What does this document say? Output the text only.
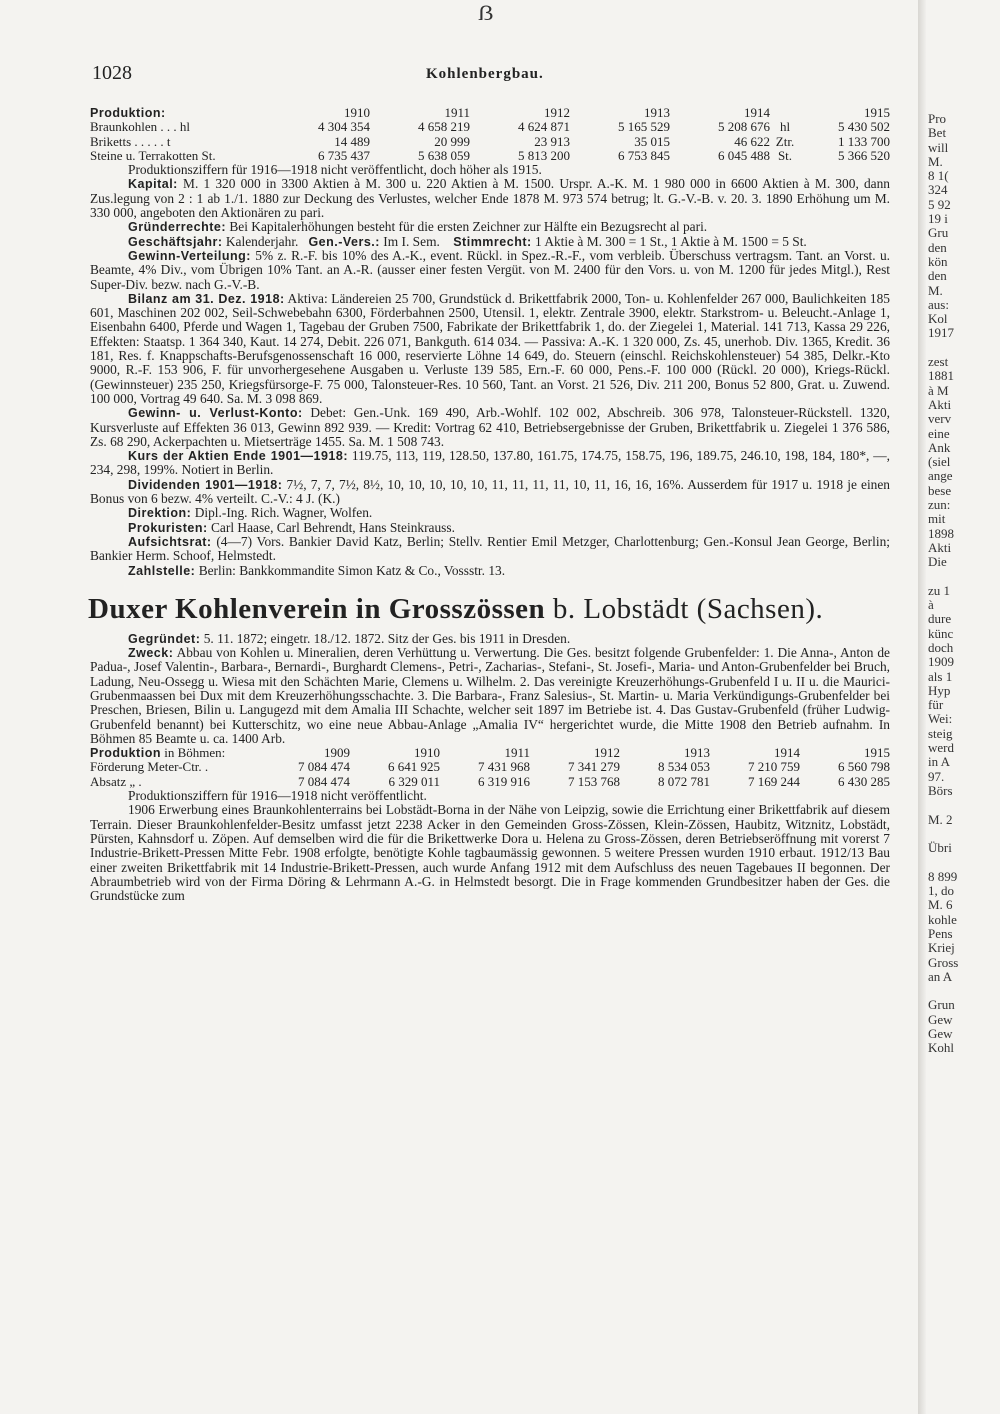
ẞ
1028	Kohlenbergbau.
Produktion:	1910	1911	1912	1913	1914		1915
Braunkohlen . . . hl	4 304 354	4 658 219	4 624 871	5 165 529	5 208 676	hl	5 430 502
Briketts . . . . . t	14 489	20 999	23 913	35 015	46 622	Ztr.	1 133 700
Steine u. Terrakotten St.	6 735 437	5 638 059	5 813 200	6 753 845	6 045 488	St.	5 366 520

Produktionsziffern für 1916—1918 nicht veröffentlicht, doch höher als 1915.

Kapital: M. 1 320 000 in 3300 Aktien à M. 300 u. 220 Aktien à M. 1500. Urspr. A.-K. M. 1 980 000 in 6600 Aktien à M. 300, dann Zus.legung von 2 : 1 ab 1./1. 1880 zur Deckung des Verlustes, welcher Ende 1878 M. 973 574 betrug; lt. G.-V.-B. v. 20. 3. 1890 Erhöhung um M. 330 000, angeboten den Aktionären zu pari.

Gründerrechte: Bei Kapitalerhöhungen besteht für die ersten Zeichner zur Hälfte ein Bezugsrecht al pari.

Geschäftsjahr: Kalenderjahr. Gen.-Vers.: Im I. Sem. Stimmrecht: 1 Aktie à M. 300 = 1 St., 1 Aktie à M. 1500 = 5 St.

Gewinn-Verteilung: 5% z. R.-F. bis 10% des A.-K., event. Rückl. in Spez.-R.-F., vom verbleib. Überschuss vertragsm. Tant. an Vorst. u. Beamte, 4% Div., vom Übrigen 10% Tant. an A.-R. (ausser einer festen Vergüt. von M. 2400 für den Vors. u. von M. 1200 für jedes Mitgl.), Rest Super-Div. bezw. nach G.-V.-B.

Bilanz am 31. Dez. 1918: Aktiva: Ländereien 25 700, Grundstück d. Brikettfabrik 2000, Ton- u. Kohlenfelder 267 000, Baulichkeiten 185 601, Maschinen 202 002, Seil-Schwebebahn 6300, Förderbahnen 2500, Utensil. 1, elektr. Zentrale 3900, elektr. Starkstrom- u. Beleucht.-Anlage 1, Eisenbahn 6400, Pferde und Wagen 1, Tagebau der Gruben 7500, Fabrikate der Brikettfabrik 1, do. der Ziegelei 1, Material. 141 713, Kassa 29 226, Effekten: Staatsp. 1 364 340, Kaut. 14 274, Debit. 226 071, Bankguth. 614 034. — Passiva: A.-K. 1 320 000, Zs. 45, unerhob. Div. 1365, Kredit. 36 181, Res. f. Knappschafts-Berufsgenossenschaft 16 000, reservierte Löhne 14 649, do. Steuern (einschl. Reichskohlensteuer) 54 385, Delkr.-Kto 9000, R.-F. 153 906, F. für unvorhergesehene Ausgaben u. Verluste 139 585, Ern.-F. 60 000, Pens.-F. 100 000 (Rückl. 20 000), Kriegs-Rückl. (Gewinnsteuer) 235 250, Kriegsfürsorge-F. 75 000, Talonsteuer-Res. 10 560, Tant. an Vorst. 21 526, Div. 211 200, Bonus 52 800, Grat. u. Zuwend. 100 000, Vortrag 49 640. Sa. M. 3 098 869.

Gewinn- u. Verlust-Konto: Debet: Gen.-Unk. 169 490, Arb.-Wohlf. 102 002, Abschreib. 306 978, Talonsteuer-Rückstell. 1320, Kursverluste auf Effekten 36 013, Gewinn 892 939. — Kredit: Vortrag 62 410, Betriebsergebnisse der Gruben, Brikettfabrik u. Ziegelei 1 376 586, Zs. 68 290, Ackerpachten u. Mietserträge 1455. Sa. M. 1 508 743.

Kurs der Aktien Ende 1901—1918: 119.75, 113, 119, 128.50, 137.80, 161.75, 174.75, 158.75, 196, 189.75, 246.10, 198, 184, 180*, —, 234, 298, 199%. Notiert in Berlin.

Dividenden 1901—1918: 7½, 7, 7, 7½, 8½, 10, 10, 10, 10, 10, 11, 11, 11, 11, 10, 11, 16, 16, 16%. Ausserdem für 1917 u. 1918 je einen Bonus von 6 bezw. 4% verteilt. C.-V.: 4 J. (K.)

Direktion: Dipl.-Ing. Rich. Wagner, Wolfen.

Prokuristen: Carl Haase, Carl Behrendt, Hans Steinkrauss.

Aufsichtsrat: (4—7) Vors. Bankier David Katz, Berlin; Stellv. Rentier Emil Metzger, Charlottenburg; Gen.-Konsul Jean George, Berlin; Bankier Herm. Schoof, Helmstedt.

Zahlstelle: Berlin: Bankkommandite Simon Katz & Co., Vossstr. 13.

Duxer Kohlenverein in Grosszössen b. Lobstädt (Sachsen).

Gegründet: 5. 11. 1872; eingetr. 18./12. 1872. Sitz der Ges. bis 1911 in Dresden.

Zweck: Abbau von Kohlen u. Mineralien, deren Verhüttung u. Verwertung. Die Ges. besitzt folgende Grubenfelder: 1. Die Anna-, Anton de Padua-, Josef Valentin-, Barbara-, Bernardi-, Burghardt Clemens-, Petri-, Zacharias-, Stefani-, St. Josefi-, Maria- und Anton-Grubenfelder bei Bruch, Ladung, Neu-Ossegg u. Wiesa mit den Schächten Marie, Clemens u. Wilhelm. 2. Das vereinigte Kreuzerhöhungs-Grubenfeld I u. II u. die Maurici-Grubenmaassen bei Dux mit dem Kreuzerhöhungsschachte. 3. Die Barbara-, Franz Salesius-, St. Martin- u. Maria Verkündigungs-Grubenfelder bei Preschen, Briesen, Bilin u. Langugezd mit dem Amalia III Schachte, welcher seit 1897 im Betriebe ist. 4. Das Gustav-Grubenfeld (früher Ludwig-Grubenfeld benannt) bei Kutterschitz, wo eine neue Abbau-Anlage „Amalia IV“ hergerichtet wurde, die Mitte 1908 den Betrieb aufnahm. In Böhmen 85 Beamte u. ca. 1400 Arb.

Produktion in Böhmen:	1909	1910	1911	1912	1913	1914	1915
Förderung Meter-Ctr. .	7 084 474	6 641 925	7 431 968	7 341 279	8 534 053	7 210 759	6 560 798
Absatz „ .	7 084 474	6 329 011	6 319 916	7 153 768	8 072 781	7 169 244	6 430 285

Produktionsziffern für 1916—1918 nicht veröffentlicht.

1906 Erwerbung eines Braunkohlenterrains bei Lobstädt-Borna in der Nähe von Leipzig, sowie die Errichtung einer Brikettfabrik auf diesem Terrain. Dieser Braunkohlenfelder-Besitz umfasst jetzt 2238 Acker in den Gemeinden Gross-Zössen, Klein-Zössen, Haubitz, Witznitz, Lobstädt, Pürsten, Kahnsdorf u. Zöpen. Auf demselben wird die für die Brikettwerke Dora u. Helena zu Gross-Zössen, deren Betriebseröffnung mit vorerst 7 Industrie-Brikett-Pressen Mitte Febr. 1908 erfolgte, benötigte Kohle tagbaumässig gewonnen. 5 weitere Pressen wurden 1910 erbaut. 1912/13 Bau einer zweiten Brikettfabrik mit 14 Industrie-Brikett-Pressen, auch wurde Anfang 1912 mit dem Aufschluss des neuen Tagebaues II begonnen. Der Abraumbetrieb wird von der Firma Döring & Lehrmann A.-G. in Helmstedt besorgt. Die in Frage kommenden Grundbesitzer haben der Ges. die Grundstücke zum

Pro
Bet
will
M.
8 1(
324
5 92
19 i
Gru
den
kön
den
M.
aus:
Kol
1917
zest
1881
à M
Akti
verv
eine
Ank
(siel
ange
bese
zun:
mit
1898
Akti
Die
zu 1
à
dure
künc
doch
1909
als 1
Hyp
für
Wei:
steig
werd
in A
97.
Börs
M. 2
Übri
8 899
1, do
M. 6
kohle
Pens
Kriej
Gross
an A
Grun
Gew
Gew
Kohl
